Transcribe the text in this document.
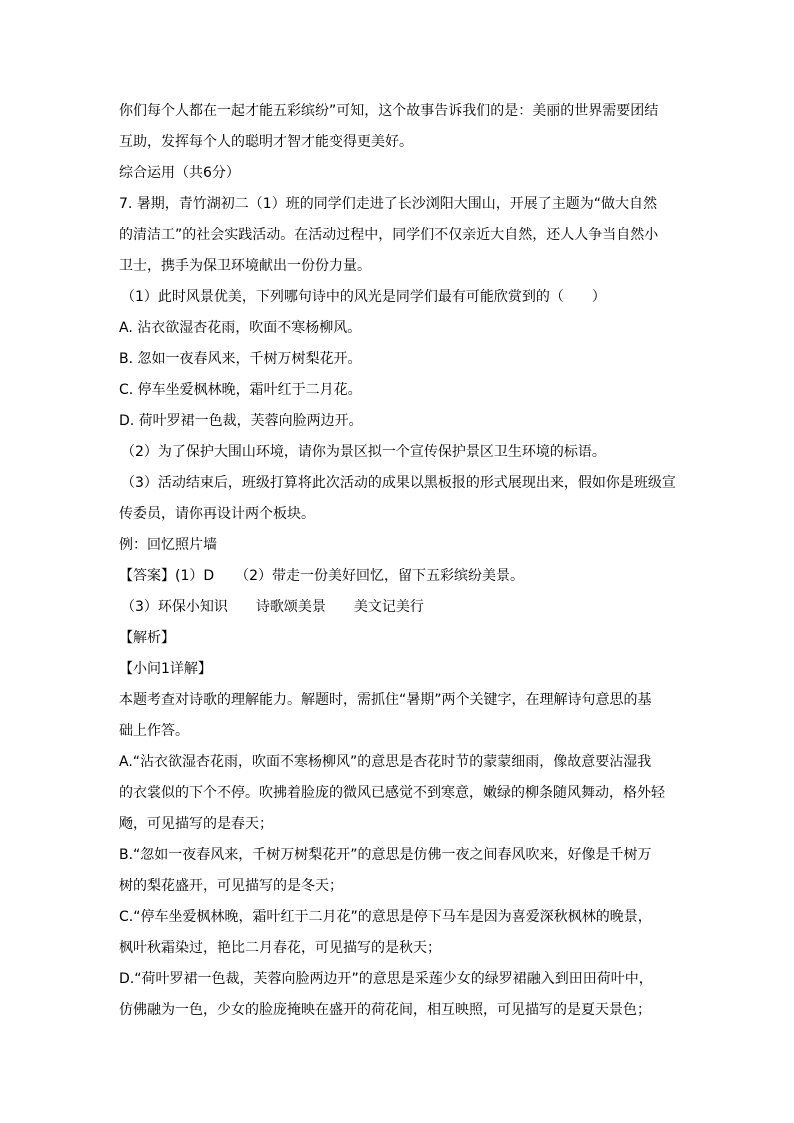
你们每个人都在一起才能五彩缤纷”可知，这个故事告诉我们的是：美丽的世界需要团结
互助，发挥每个人的聪明才智才能变得更美好。
综合运用（共6分）
7. 暑期，青竹湖初二（1）班的同学们走进了长沙浏阳大围山，开展了主题为“做大自然
的清洁工”的社会实践活动。在活动过程中，同学们不仅亲近大自然，还人人争当自然小
卫士，携手为保卫环境献出一份份力量。
（1）此时风景优美，下列哪句诗中的风光是同学们最有可能欣赏到的（　　）
A. 沾衣欲湿杏花雨，吹面不寒杨柳风。
B. 忽如一夜春风来，千树万树梨花开。
C. 停车坐爱枫林晚，霜叶红于二月花。
D. 荷叶罗裙一色裁，芙蓉向脸两边开。
（2）为了保护大围山环境，请你为景区拟一个宣传保护景区卫生环境的标语。
（3）活动结束后，班级打算将此次活动的成果以黑板报的形式展现出来，假如你是班级宣
传委员，请你再设计两个板块。
例：回忆照片墙
【答案】(1）D　　（2）带走一份美好回忆，留下五彩缤纷美景。
（3）环保小知识　　诗歌颂美景　　美文记美行
【解析】
【小问1详解】
本题考查对诗歌的理解能力。解题时，需抓住“暑期”两个关键字，在理解诗句意思的基
础上作答。
A.“沾衣欲湿杏花雨，吹面不寒杨柳风”的意思是杏花时节的蒙蒙细雨，像故意要沾湿我
的衣裳似的下个不停。吹拂着脸庞的微风已感觉不到寒意，嫩绿的柳条随风舞动，格外轻
飏，可见描写的是春天；
B.“忽如一夜春风来，千树万树梨花开”的意思是仿佛一夜之间春风吹来，好像是千树万
树的梨花盛开，可见描写的是冬天；
C.“停车坐爱枫林晚，霜叶红于二月花”的意思是停下马车是因为喜爱深秋枫林的晚景，
枫叶秋霜染过，艳比二月春花，可见描写的是秋天；
D.“荷叶罗裙一色裁，芙蓉向脸两边开”的意思是采莲少女的绿罗裙融入到田田荷叶中，
仿佛融为一色，少女的脸庞掩映在盛开的荷花间，相互映照，可见描写的是夏天景色；
